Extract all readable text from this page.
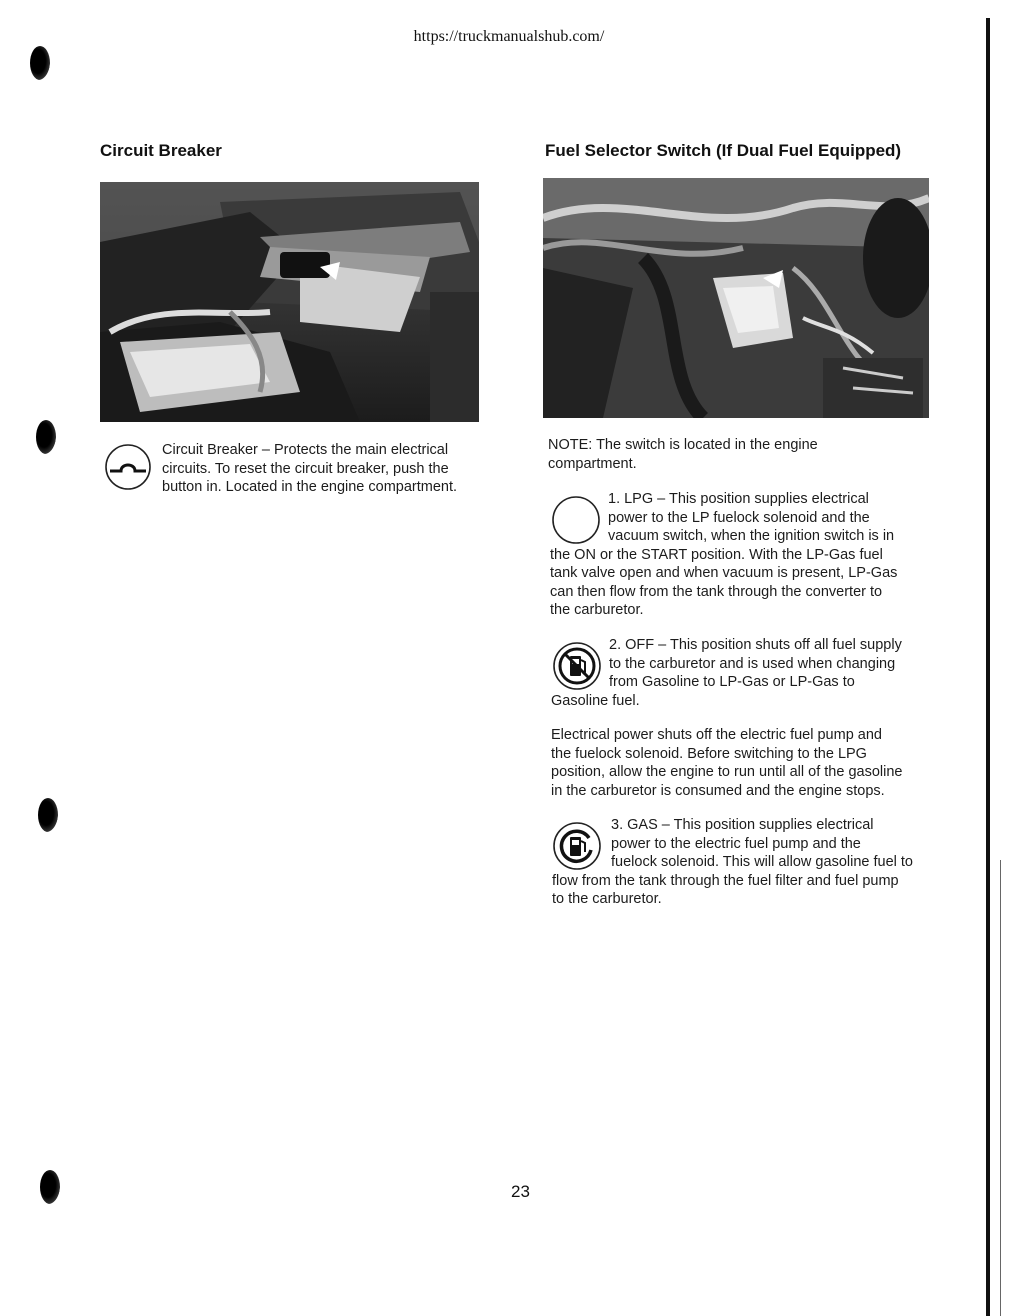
https://truckmanualshub.com/
Circuit Breaker
Circuit Breaker – Protects the main electrical
circuits. To reset the circuit breaker, push the
button in. Located in the engine compartment.
Fuel Selector Switch (If Dual Fuel Equipped)
NOTE: The switch is located in the engine
compartment.
1. LPG – This position supplies electrical
power to the LP fuelock solenoid and the
vacuum switch, when the ignition switch is in
the ON or the START position. With the LP-Gas fuel
tank valve open and when vacuum is present, LP-Gas
can then flow from the tank through the converter to
the carburetor.
2. OFF – This position shuts off all fuel supply
to the carburetor and is used when changing
from Gasoline to LP-Gas or LP-Gas to
Gasoline fuel.
Electrical power shuts off the electric fuel pump and
the fuelock solenoid. Before switching to the LPG
position, allow the engine to run until all of the gasoline
in the carburetor is consumed and the engine stops.
3. GAS – This position supplies electrical
power to the electric fuel pump and the
fuelock solenoid. This will allow gasoline fuel to
flow from the tank through the fuel filter and fuel pump
to the carburetor.
23
